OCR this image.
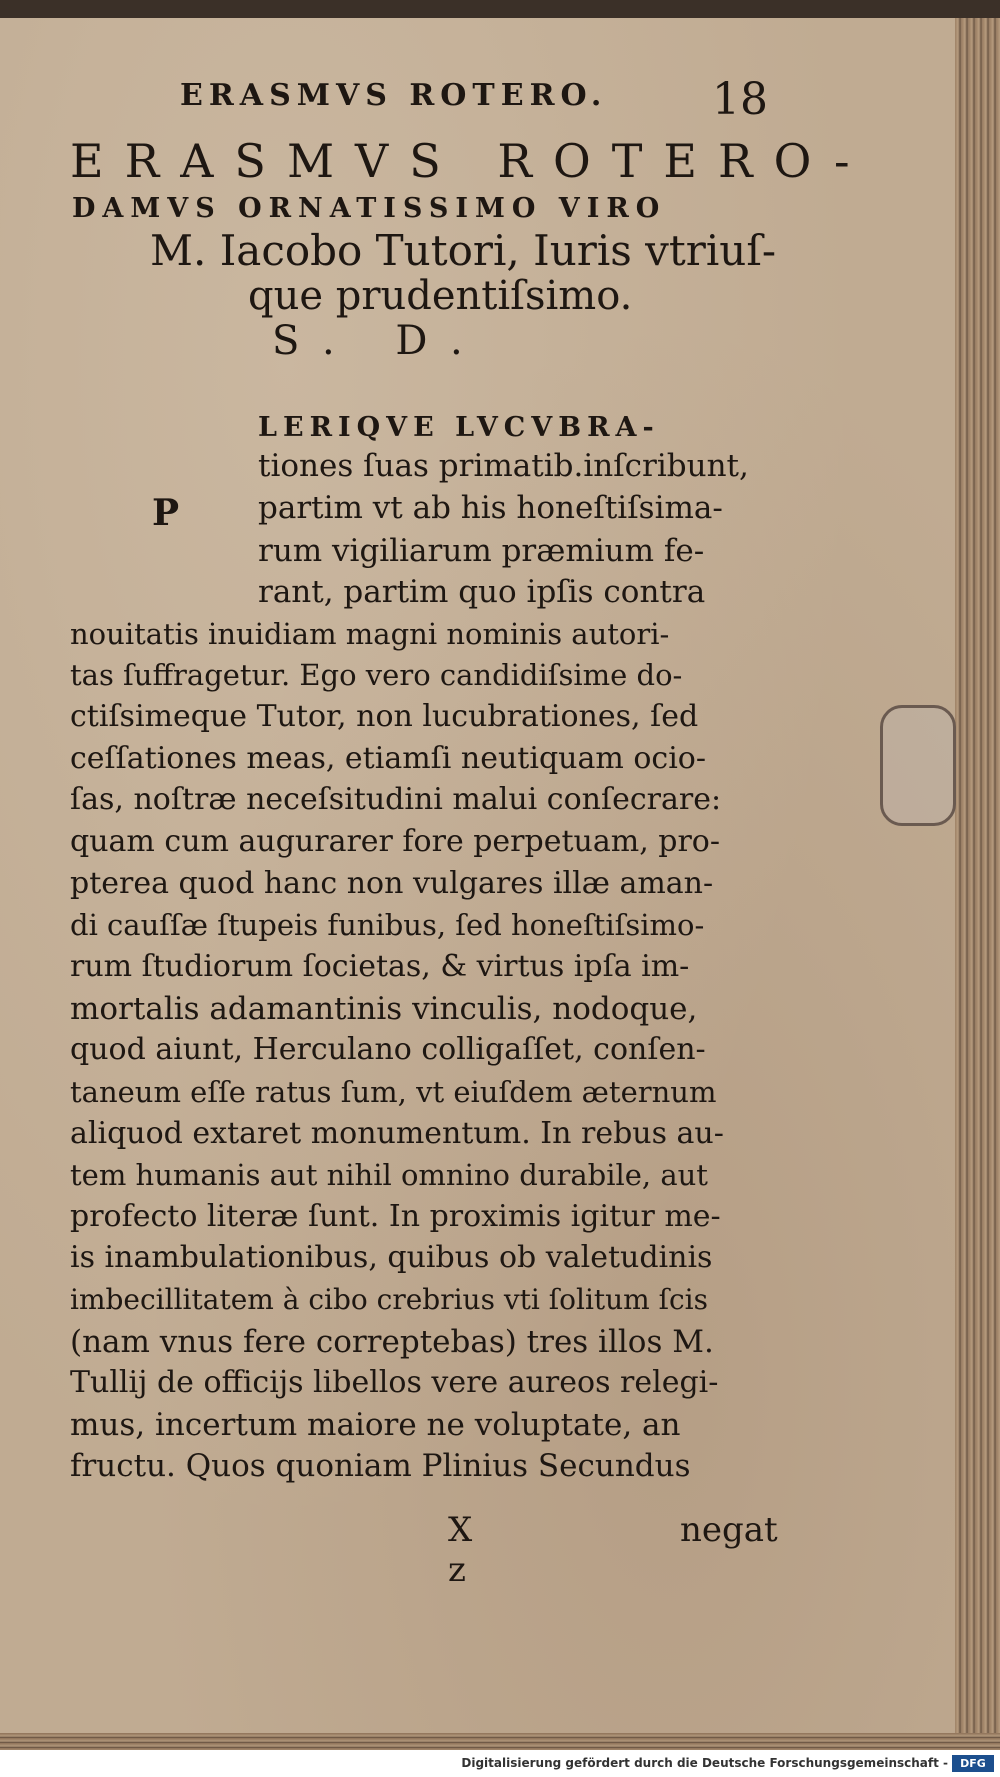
ERASMVS ROTERO.	18
ERASMVS ROTERO-
DAMVS ORNATISSIMO VIRO
M. Iacobo Tutori, Iuris vtriuſ-
que prudentiſsimo.
S. D.
LERIQVE LVCVBRA-
P
tiones ſuas primatib.inſcribunt,
partim vt ab his honeſtiſsima-
rum vigiliarum præmium fe-
rant, partim quo ipſis contra
nouitatis inuidiam magni nominis autori-
tas ſuffragetur. Ego vero candidiſsime do-
ctiſsimeque Tutor, non lucubrationes, ſed
ceſſationes meas, etiamſi neutiquam ocio-
ſas, noſtræ neceſsitudini malui conſecrare:
quam cum augurarer fore perpetuam, pro-
pterea quod hanc non vulgares illæ aman-
di cauſſæ ſtupeis funibus, ſed honeſtiſsimo-
rum ſtudiorum ſocietas, & virtus ipſa im-
mortalis adamantinis vinculis, nodoque,
quod aiunt, Herculano colligaſſet, conſen-
taneum eſſe ratus ſum, vt eiuſdem æternum
aliquod extaret monumentum. In rebus au-
tem humanis aut nihil omnino durabile, aut
profecto literæ ſunt. In proximis igitur me-
is inambulationibus, quibus ob valetudinis
imbecillitatem à cibo crebrius vti ſolitum ſcis
(nam vnus fere correptebas) tres illos M.
Tullij de officijs libellos vere aureos relegi-
mus, incertum maiore ne voluptate, an
fructu. Quos quoniam Plinius Secundus
X z
negat
Digitalisierung gefördert durch die Deutsche Forschungsgemeinschaft -	DFG
